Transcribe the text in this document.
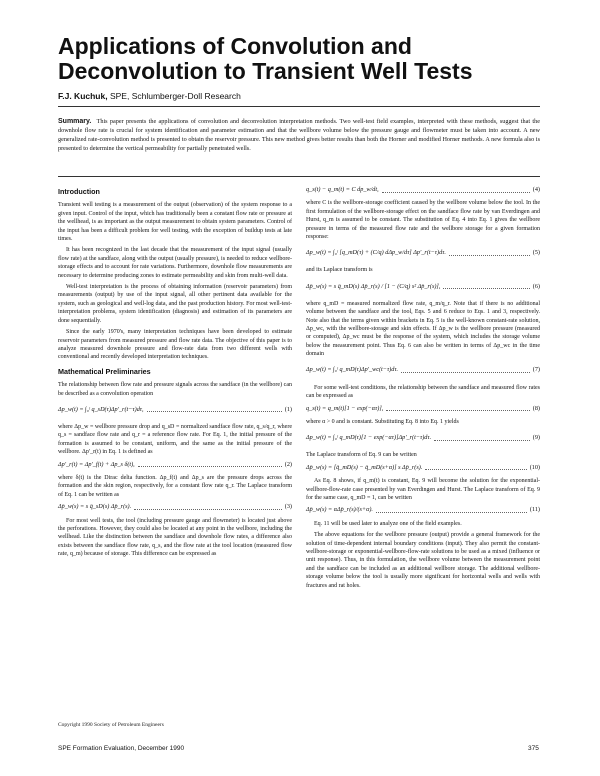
Applications of Convolution and
Deconvolution to Transient Well Tests
F.J. Kuchuk, SPE, Schlumberger-Doll Research

Summary. This paper presents the applications of convolution and deconvolution interpretation methods. Two well-test field examples, interpreted with these methods, suggest that the downhole flow rate is crucial for system identification and parameter estimation and that the wellbore volume below the pressure gauge and flowmeter must be taken into account. A new generalized rate-convolution method is presented to obtain the reservoir pressure. This new method gives better results than both the Horner and modified Horner methods. A new formula also is presented to determine the vertical permeability for partially penetrated wells.

Introduction

Transient well testing is a measurement of the output (observation) of the system response to a given input. Control of the input, which has traditionally been a constant flow rate or pressure at the wellhead, is as important as the output measurement to obtain system parameters. Control of the input has been a difficult problem for well testing, with the exception of buildup tests at late times.

It has been recognized in the last decade that the measurement of the input signal (usually flow rate) at the sandface, along with the output (usually pressure), is needed to reduce wellbore-storage effects and to account for rate variations. Furthermore, downhole flow measurements are necessary to determine producing zones to estimate permeability and skin from multi-well data.

Well-test interpretation is the process of obtaining information (reservoir parameters) from measurements (output) by use of the input signal, all other pertinent data available for the system, such as geological and well-log data, and the past production history. For most well-test-interpretation problems, system identification (diagnosis) and estimation of its parameters are done sequentially.

Since the early 1970's, many interpretation techniques have been developed to estimate reservoir parameters from measured pressure and flow rate data. The objective of this paper is to analyze measured downhole pressure and flow-rate data from two different wells with conventional and recently developed interpretation techniques.

Mathematical Preliminaries

The relationship between flow rate and pressure signals across the sandface (in the wellbore) can be described as a convolution operation

Δp_w(t) = ∫₀ᵗ q_sD(τ)Δp′_r(t−τ)dτ,	(1)

where Δp_w = wellbore pressure drop and q_sD = normalized sandface flow rate, q_s/q_r, where q_s = sandface flow rate and q_r = a reference flow rate. For Eq. 1, the initial pressure of the formation is assumed to be constant, uniform, and the same as the initial pressure of the wellbore. Δp′_r(t) in Eq. 1 is defined as

Δp′_r(t) = Δp′_f(t) + Δp_s δ(t),	(2)

where δ(t) is the Dirac delta function. Δp_f(t) and Δp_s are the pressure drops across the formation and the skin region, respectively, for a constant flow rate q_r. The Laplace transform of Eq. 1 can be written as

Δp̄_w(s) = s q̄_sD(s) Δp̄_r(s).	(3)

For most well tests, the tool (including pressure gauge and flowmeter) is located just above the perforations. However, they could also be located at any point in the wellbore, including the wellhead. Like the distinction between the sandface and downhole flow rates, a difference also exists between the sandface flow rate, q_s, and the flow rate at the tool location (measured flow rate, q_m) because of storage. This difference can be expressed as

q_s(t) − q_m(t) = C dp_w/dt,	(4)

where C is the wellbore-storage coefficient caused by the wellbore volume below the tool. In the first formulation of the wellbore-storage effect on the sandface flow rate by van Everdingen and Hurst, q_m is assumed to be constant. The substitution of Eq. 4 into Eq. 1 gives the wellbore pressure in terms of the measured flow rate and the wellbore storage for a given formation response:

Δp_w(t) = ∫₀ᵗ [q_mD(τ) + (C/q) dΔp_w/dτ] Δp′_r(t−τ)dτ.	(5)

and its Laplace transform is

Δp̄_w(s) = s q̄_mD(s) Δp̄_r(s) / [1 − (C/q) s² Δp̄_r(s)],	(6)

where q_mD = measured normalized flow rate, q_m/q_r. Note that if there is no additional volume between the sandface and the tool, Eqs. 5 and 6 reduce to Eqs. 1 and 3, respectively. Note also that the terms given within brackets in Eq. 5 is the well-known constant-rate solution, Δp_wc, with the wellbore-storage and skin effects. If Δp_w is the wellbore pressure (measured or computed), Δp_wc must be the response of the system, which includes the storage volume below the measurement point. Thus Eq. 6 can also be written in terms of Δp_wc in the time domain

Δp_w(t) = ∫₀ᵗ q_mD(τ)Δp′_wc(t−τ)dτ.	(7)

For some well-test conditions, the relationship between the sandface and measured flow rates can be expressed as

q_s(t) = q_m(t)[1 − exp(−ατ)],	(8)

where α > 0 and is constant. Substituting Eq. 8 into Eq. 1 yields

Δp_w(t) = ∫₀ᵗ q_mD(τ)[1 − exp(−ατ)]Δp′_r(t−τ)dτ.	(9)

The Laplace transform of Eq. 9 can be written

Δp̄_w(s) = [q̄_mD(s) − q̄_mD(s+α)] s Δp̄_r(s).	(10)

As Eq. 8 shows, if q_m(t) is constant, Eq. 9 will become the solution for the exponential-wellbore-flow-rate case presented by van Everdingen and Hurst. The Laplace transform of Eq. 9 for the same case, q_mD = 1, can be written

Δp̄_w(s) = αΔp̄_r(s)/(s+α).	(11)

Eq. 11 will be used later to analyze one of the field examples.

The above equations for the wellbore pressure (output) provide a general framework for the solution of time-dependent internal boundary conditions (input). They also permit the constant-wellbore-storage or exponential-wellbore-flow-rate solutions to be used as a mixed (influence or unit response). Thus, in this formulation, the wellbore volume between the measurement point and the sandface can be included as an additional wellbore storage. The additional wellbore-storage volume below the tool is usually more significant for horizontal wells and wells with fractures and rat holes.

Copyright 1990 Society of Petroleum Engineers
SPE Formation Evaluation, December 1990	375
